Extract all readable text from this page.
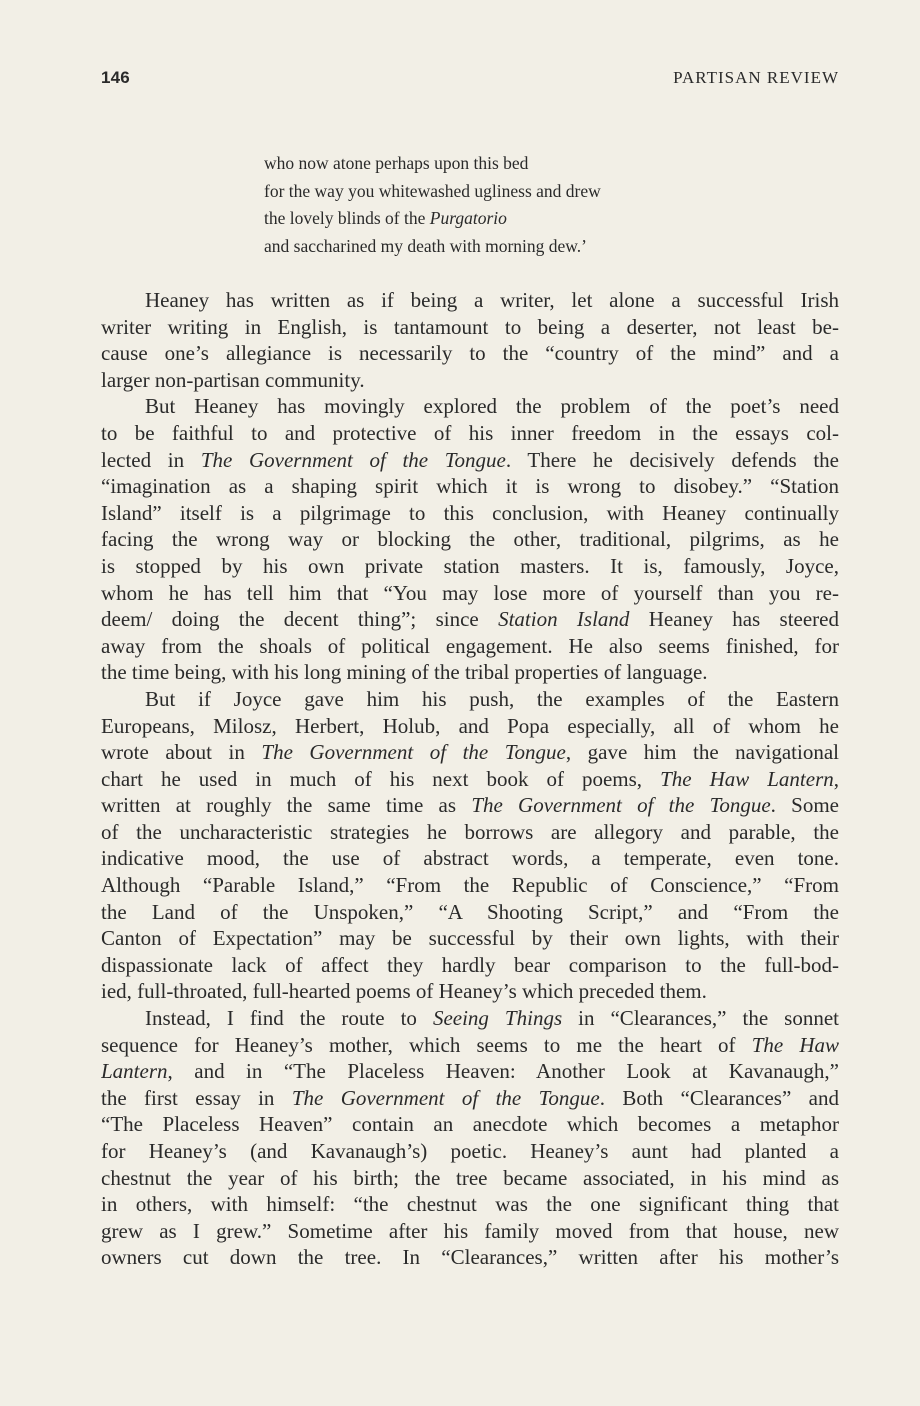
146	PARTISAN REVIEW
who now atone perhaps upon this bed
for the way you whitewashed ugliness and drew
the lovely blinds of the Purgatorio
and saccharined my death with morning dew.’
Heaney has written as if being a writer, let alone a successful Irish
writer writing in English, is tantamount to being a deserter, not least be-
cause one’s allegiance is necessarily to the “country of the mind” and a
larger non-partisan community.
But Heaney has movingly explored the problem of the poet’s need
to be faithful to and protective of his inner freedom in the essays col-
lected in The Government of the Tongue. There he decisively defends the
“imagination as a shaping spirit which it is wrong to disobey.” “Station
Island” itself is a pilgrimage to this conclusion, with Heaney continually
facing the wrong way or blocking the other, traditional, pilgrims, as he
is stopped by his own private station masters. It is, famously, Joyce,
whom he has tell him that “You may lose more of yourself than you re-
deem/ doing the decent thing”; since Station Island Heaney has steered
away from the shoals of political engagement. He also seems finished, for
the time being, with his long mining of the tribal properties of language.
But if Joyce gave him his push, the examples of the Eastern
Europeans, Milosz, Herbert, Holub, and Popa especially, all of whom he
wrote about in The Government of the Tongue, gave him the navigational
chart he used in much of his next book of poems, The Haw Lantern,
written at roughly the same time as The Government of the Tongue. Some
of the uncharacteristic strategies he borrows are allegory and parable, the
indicative mood, the use of abstract words, a temperate, even tone.
Although “Parable Island,” “From the Republic of Conscience,” “From
the Land of the Unspoken,” “A Shooting Script,” and “From the
Canton of Expectation” may be successful by their own lights, with their
dispassionate lack of affect they hardly bear comparison to the full-bod-
ied, full-throated, full-hearted poems of Heaney’s which preceded them.
Instead, I find the route to Seeing Things in “Clearances,” the sonnet
sequence for Heaney’s mother, which seems to me the heart of The Haw
Lantern, and in “The Placeless Heaven: Another Look at Kavanaugh,”
the first essay in The Government of the Tongue. Both “Clearances” and
“The Placeless Heaven” contain an anecdote which becomes a metaphor
for Heaney’s (and Kavanaugh’s) poetic. Heaney’s aunt had planted a
chestnut the year of his birth; the tree became associated, in his mind as
in others, with himself: “the chestnut was the one significant thing that
grew as I grew.” Sometime after his family moved from that house, new
owners cut down the tree. In “Clearances,” written after his mother’s
